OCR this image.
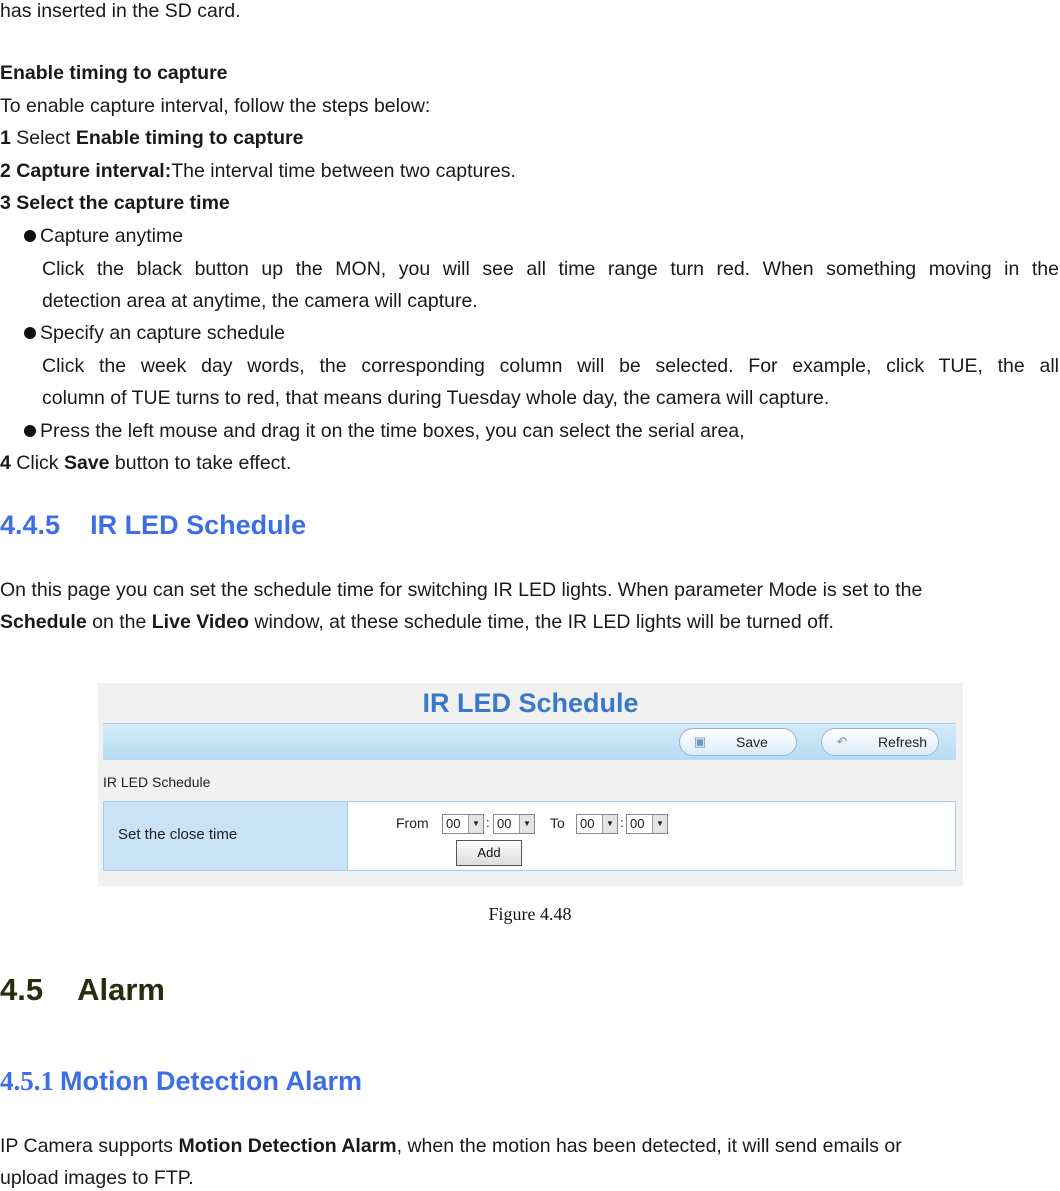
has inserted in the SD card.
Enable timing to capture
To enable capture interval, follow the steps below:
1 Select Enable timing to capture
2 Capture interval:The interval time between two captures.
3 Select the capture time
Capture anytime
Click the black button up the MON, you will see all time range turn red. When something moving in the
detection area at anytime, the camera will capture.
Specify an capture schedule
Click the week day words, the corresponding column will be selected. For example, click TUE, the all
column of TUE turns to red, that means during Tuesday whole day, the camera will capture.
Press the left mouse and drag it on the time boxes, you can select the serial area,
4 Click Save button to take effect.
4.4.5 IR LED Schedule
On this page you can set the schedule time for switching IR LED lights. When parameter Mode is set to the
Schedule on the Live Video window, at these schedule time, the IR LED lights will be turned off.
IR LED Schedule
▣ Save	↶ Refresh
IR LED Schedule
Set the close time
From 00	▼ : 00	▼ To 00	▼ : 00	▼
Add
Figure 4.48
4.5 Alarm
4.5.1 Motion Detection Alarm
IP Camera supports Motion Detection Alarm, when the motion has been detected, it will send emails or
upload images to FTP.
